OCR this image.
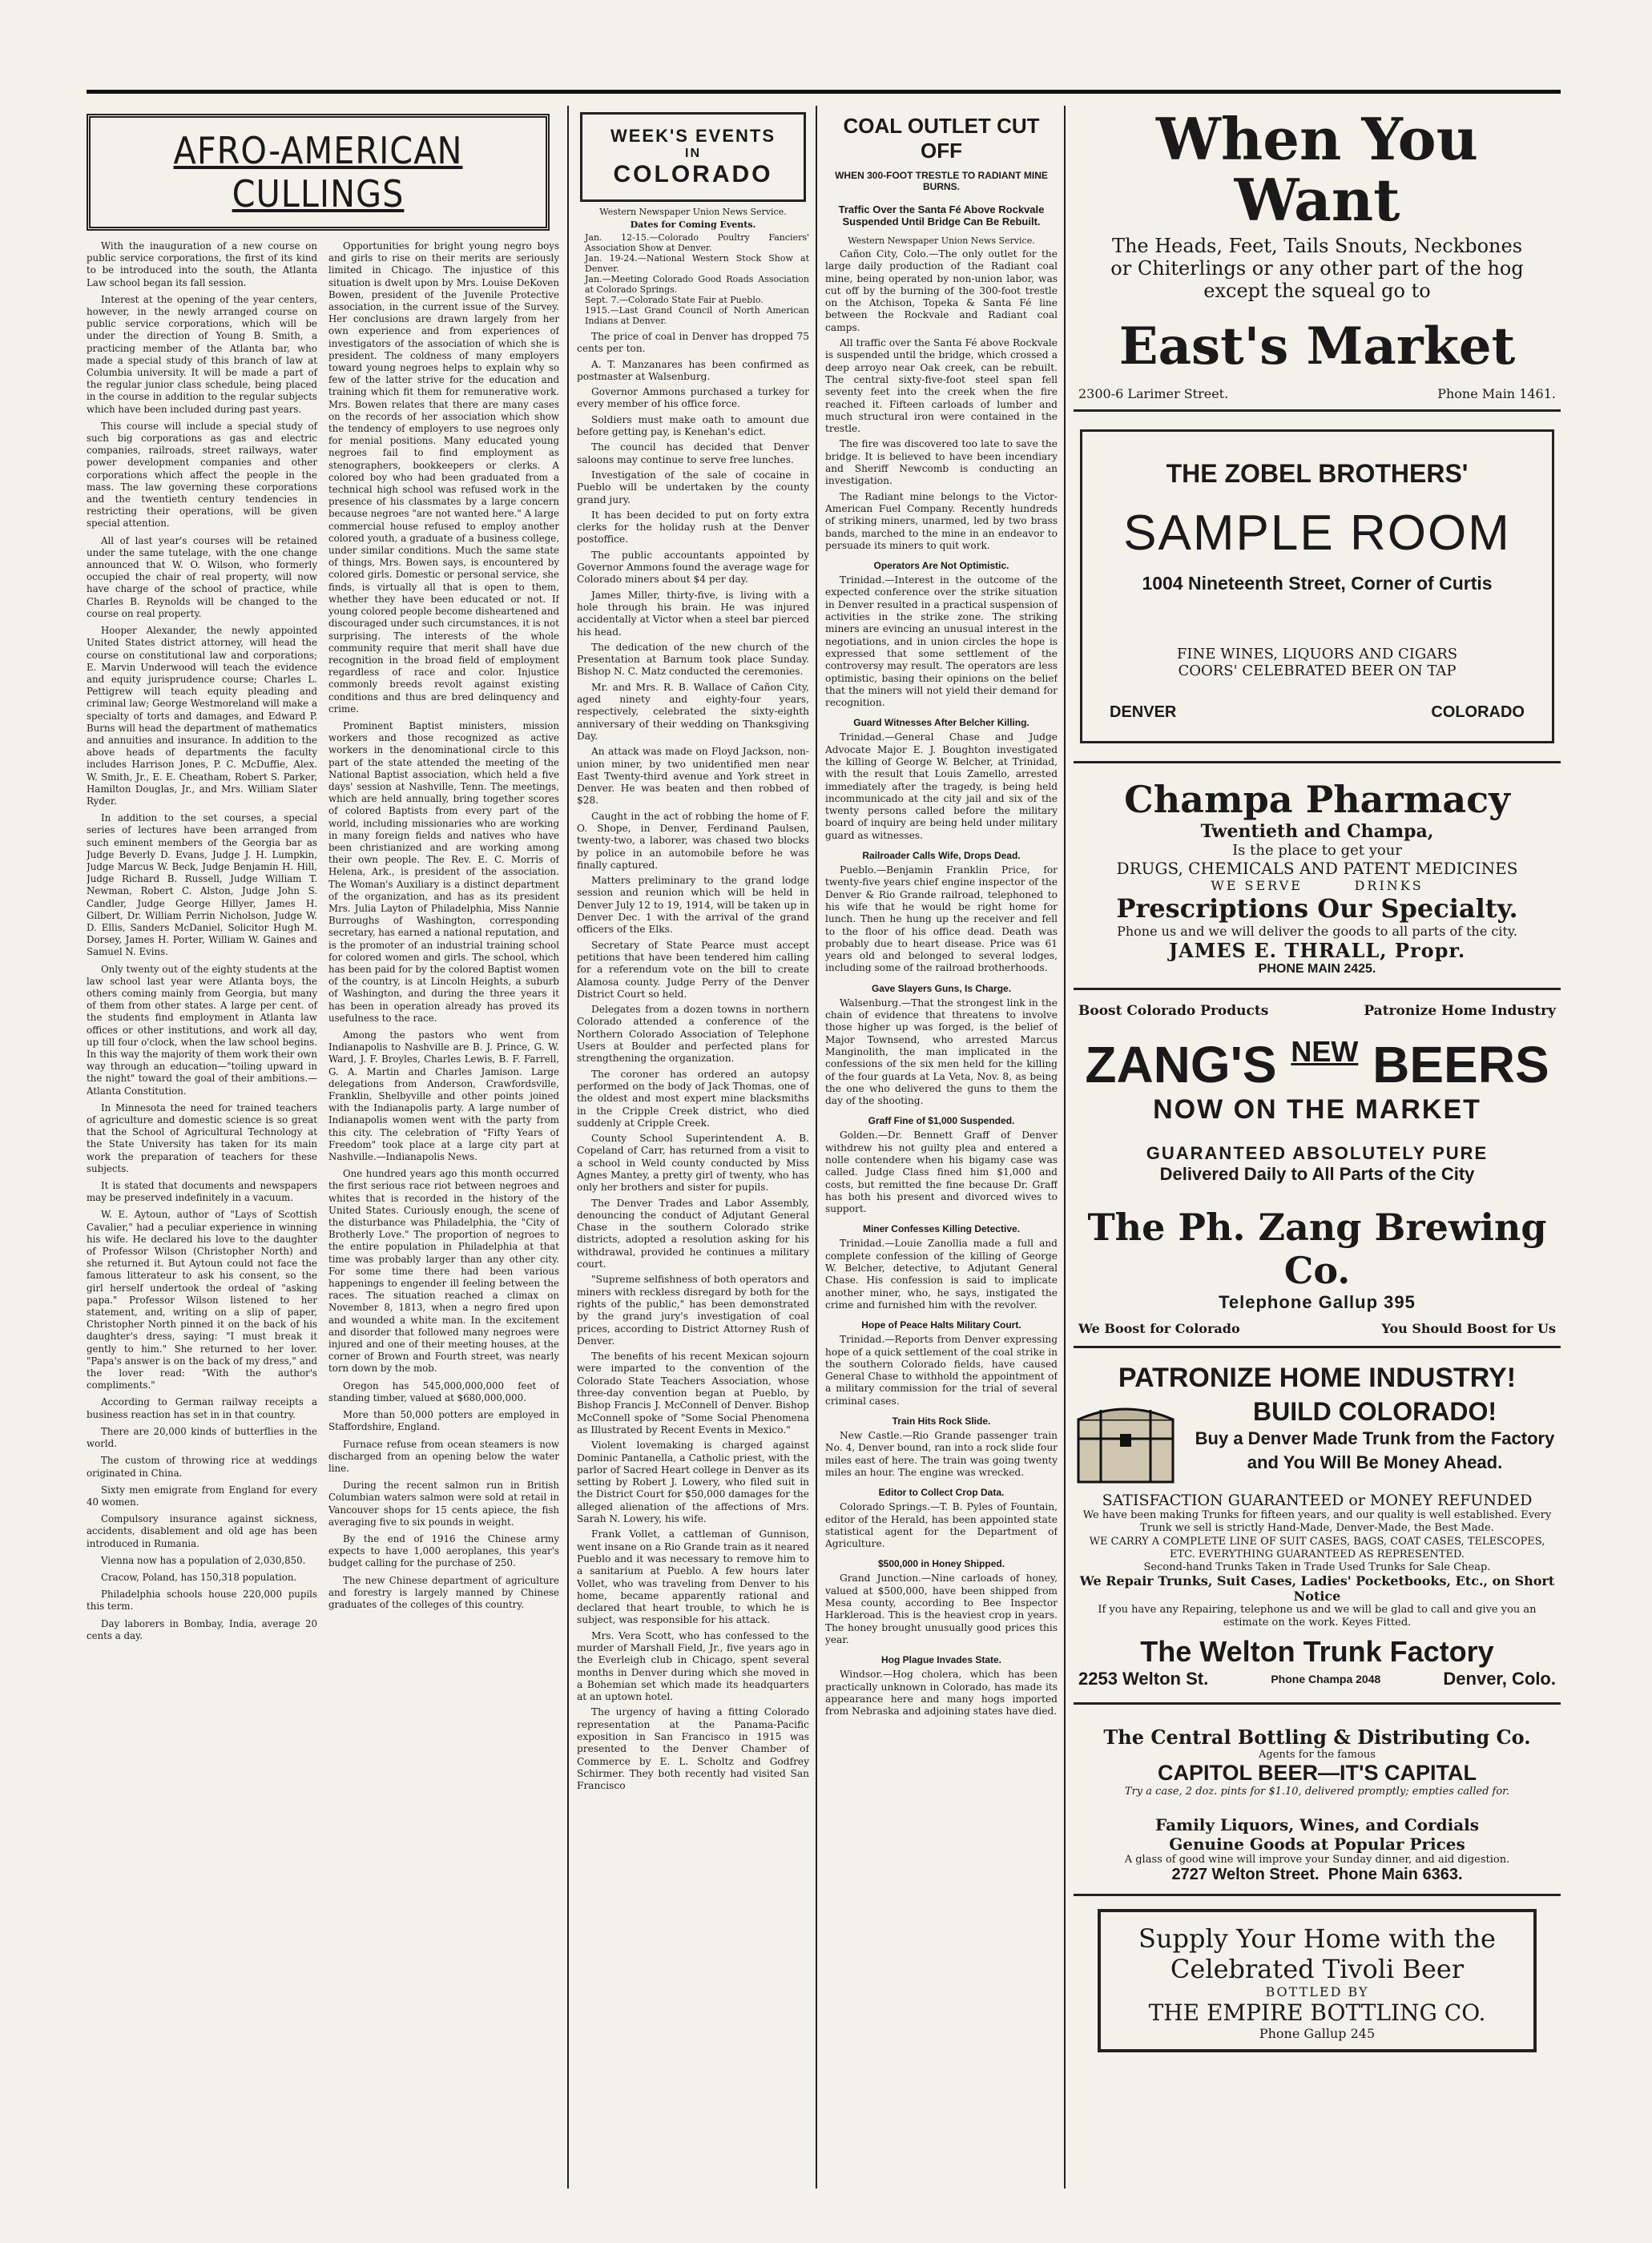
AFRO-AMERICAN CULLINGS

With the inauguration of a new course on public service corporations, the first of its kind to be introduced into the south, the Atlanta Law school began its fall session.

Interest at the opening of the year centers, however, in the newly arranged course on public service corporations, which will be under the direction of Young B. Smith, a practicing member of the Atlanta bar, who made a special study of this branch of law at Columbia university. It will be made a part of the regular junior class schedule, being placed in the course in addition to the regular subjects which have been included during past years.

This course will include a special study of such big corporations as gas and electric companies, railroads, street railways, water power development companies and other corporations which affect the people in the mass. The law governing these corporations and the twentieth century tendencies in restricting their operations, will be given special attention.

All of last year's courses will be retained under the same tutelage, with the one change announced that W. O. Wilson, who formerly occupied the chair of real property, will now have charge of the school of practice, while Charles B. Reynolds will be changed to the course on real property.

Hooper Alexander, the newly appointed United States district attorney, will head the course on constitutional law and corporations; E. Marvin Underwood will teach the evidence and equity jurisprudence course; Charles L. Pettigrew will teach equity pleading and criminal law; George Westmoreland will make a specialty of torts and damages, and Edward P. Burns will head the department of mathematics and annuities and insurance. In addition to the above heads of departments the faculty includes Harrison Jones, P. C. McDuffie, Alex. W. Smith, Jr., E. E. Cheatham, Robert S. Parker, Hamilton Douglas, Jr., and Mrs. William Slater Ryder.

In addition to the set courses, a special series of lectures have been arranged from such eminent members of the Georgia bar as Judge Beverly D. Evans, Judge J. H. Lumpkin, Judge Marcus W. Beck, Judge Benjamin H. Hill, Judge Richard B. Russell, Judge William T. Newman, Robert C. Alston, Judge John S. Candler, Judge George Hillyer, James H. Gilbert, Dr. William Perrin Nicholson, Judge W. D. Ellis, Sanders McDaniel, Solicitor Hugh M. Dorsey, James H. Porter, William W. Gaines and Samuel N. Evins.

Only twenty out of the eighty students at the law school last year were Atlanta boys, the others coming mainly from Georgia, but many of them from other states. A large per cent. of the students find employment in Atlanta law offices or other institutions, and work all day, up till four o'clock, when the law school begins. In this way the majority of them work their own way through an education—"toiling upward in the night" toward the goal of their ambitions.—Atlanta Constitution.

In Minnesota the need for trained teachers of agriculture and domestic science is so great that the School of Agricultural Technology at the State University has taken for its main work the preparation of teachers for these subjects.

It is stated that documents and newspapers may be preserved indefinitely in a vacuum.

W. E. Aytoun, author of "Lays of Scottish Cavalier," had a peculiar experience in winning his wife. He declared his love to the daughter of Professor Wilson (Christopher North) and she returned it. But Aytoun could not face the famous litterateur to ask his consent, so the girl herself undertook the ordeal of "asking papa." Professor Wilson listened to her statement, and, writing on a slip of paper, Christopher North pinned it on the back of his daughter's dress, saying: "I must break it gently to him." She returned to her lover. "Papa's answer is on the back of my dress," and the lover read: "With the author's compliments."

According to German railway receipts a business reaction has set in in that country.

There are 20,000 kinds of butterflies in the world.

The custom of throwing rice at weddings originated in China.

Sixty men emigrate from England for every 40 women.

Compulsory insurance against sickness, accidents, disablement and old age has been introduced in Rumania.

Vienna now has a population of 2,030,850.

Cracow, Poland, has 150,318 population.

Philadelphia schools house 220,000 pupils this term.

Day laborers in Bombay, India, average 20 cents a day.

Opportunities for bright young negro boys and girls to rise on their merits are seriously limited in Chicago. The injustice of this situation is dwelt upon by Mrs. Louise DeKoven Bowen, president of the Juvenile Protective association, in the current issue of the Survey. Her conclusions are drawn largely from her own experience and from experiences of investigators of the association of which she is president. The coldness of many employers toward young negroes helps to explain why so few of the latter strive for the education and training which fit them for remunerative work. Mrs. Bowen relates that there are many cases on the records of her association which show the tendency of employers to use negroes only for menial positions. Many educated young negroes fail to find employment as stenographers, bookkeepers or clerks. A colored boy who had been graduated from a technical high school was refused work in the presence of his classmates by a large concern because negroes "are not wanted here." A large commercial house refused to employ another colored youth, a graduate of a business college, under similar conditions. Much the same state of things, Mrs. Bowen says, is encountered by colored girls. Domestic or personal service, she finds, is virtually all that is open to them, whether they have been educated or not. If young colored people become disheartened and discouraged under such circumstances, it is not surprising. The interests of the whole community require that merit shall have due recognition in the broad field of employment regardless of race and color. Injustice commonly breeds revolt against existing conditions and thus are bred delinquency and crime.

Prominent Baptist ministers, mission workers and those recognized as active workers in the denominational circle to this part of the state attended the meeting of the National Baptist association, which held a five days' session at Nashville, Tenn. The meetings, which are held annually, bring together scores of colored Baptists from every part of the world, including missionaries who are working in many foreign fields and natives who have been christianized and are working among their own people. The Rev. E. C. Morris of Helena, Ark., is president of the association. The Woman's Auxiliary is a distinct department of the organization, and has as its president Mrs. Julia Layton of Philadelphia, Miss Nannie Burroughs of Washington, corresponding secretary, has earned a national reputation, and is the promoter of an industrial training school for colored women and girls. The school, which has been paid for by the colored Baptist women of the country, is at Lincoln Heights, a suburb of Washington, and during the three years it has been in operation already has proved its usefulness to the race.

Among the pastors who went from Indianapolis to Nashville are B. J. Prince, G. W. Ward, J. F. Broyles, Charles Lewis, B. F. Farrell, G. A. Martin and Charles Jamison. Large delegations from Anderson, Crawfordsville, Franklin, Shelbyville and other points joined with the Indianapolis party. A large number of Indianapolis women went with the party from this city. The celebration of "Fifty Years of Freedom" took place at a large city part at Nashville.—Indianapolis News.

One hundred years ago this month occurred the first serious race riot between negroes and whites that is recorded in the history of the United States. Curiously enough, the scene of the disturbance was Philadelphia, the "City of Brotherly Love." The proportion of negroes to the entire population in Philadelphia at that time was probably larger than any other city. For some time there had been various happenings to engender ill feeling between the races. The situation reached a climax on November 8, 1813, when a negro fired upon and wounded a white man. In the excitement and disorder that followed many negroes were injured and one of their meeting houses, at the corner of Brown and Fourth street, was nearly torn down by the mob.

Oregon has 545,000,000,000 feet of standing timber, valued at $680,000,000.

More than 50,000 potters are employed in Staffordshire, England.

Furnace refuse from ocean steamers is now discharged from an opening below the water line.

During the recent salmon run in British Columbian waters salmon were sold at retail in Vancouver shops for 15 cents apiece, the fish averaging five to six pounds in weight.

By the end of 1916 the Chinese army expects to have 1,000 aeroplanes, this year's budget calling for the purchase of 250.

The new Chinese department of agriculture and forestry is largely manned by Chinese graduates of the colleges of this country.

WEEK'S EVENTS
IN
COLORADO
Western Newspaper Union News Service.
Dates for Coming Events.

Jan. 12-15.—Colorado Poultry Fanciers' Association Show at Denver.

Jan. 19-24.—National Western Stock Show at Denver.

Jan.—Meeting Colorado Good Roads Association at Colorado Springs.

Sept. 7.—Colorado State Fair at Pueblo.

1915.—Last Grand Council of North American Indians at Denver.

The price of coal in Denver has dropped 75 cents per ton.

A. T. Manzanares has been confirmed as postmaster at Walsenburg.

Governor Ammons purchased a turkey for every member of his office force.

Soldiers must make oath to amount due before getting pay, is Kenehan's edict.

The council has decided that Denver saloons may continue to serve free lunches.

Investigation of the sale of cocaine in Pueblo will be undertaken by the county grand jury.

It has been decided to put on forty extra clerks for the holiday rush at the Denver postoffice.

The public accountants appointed by Governor Ammons found the average wage for Colorado miners about $4 per day.

James Miller, thirty-five, is living with a hole through his brain. He was injured accidentally at Victor when a steel bar pierced his head.

The dedication of the new church of the Presentation at Barnum took place Sunday. Bishop N. C. Matz conducted the ceremonies.

Mr. and Mrs. R. B. Wallace of Cañon City, aged ninety and eighty-four years, respectively, celebrated the sixty-eighth anniversary of their wedding on Thanksgiving Day.

An attack was made on Floyd Jackson, non-union miner, by two unidentified men near East Twenty-third avenue and York street in Denver. He was beaten and then robbed of $28.

Caught in the act of robbing the home of F. O. Shope, in Denver, Ferdinand Paulsen, twenty-two, a laborer, was chased two blocks by police in an automobile before he was finally captured.

Matters preliminary to the grand lodge session and reunion which will be held in Denver July 12 to 19, 1914, will be taken up in Denver Dec. 1 with the arrival of the grand officers of the Elks.

Secretary of State Pearce must accept petitions that have been tendered him calling for a referendum vote on the bill to create Alamosa county. Judge Perry of the Denver District Court so held.

Delegates from a dozen towns in northern Colorado attended a conference of the Northern Colorado Association of Telephone Users at Boulder and perfected plans for strengthening the organization.

The coroner has ordered an autopsy performed on the body of Jack Thomas, one of the oldest and most expert mine blacksmiths in the Cripple Creek district, who died suddenly at Cripple Creek.

County School Superintendent A. B. Copeland of Carr, has returned from a visit to a school in Weld county conducted by Miss Agnes Mantey, a pretty girl of twenty, who has only her brothers and sister for pupils.

The Denver Trades and Labor Assembly, denouncing the conduct of Adjutant General Chase in the southern Colorado strike districts, adopted a resolution asking for his withdrawal, provided he continues a military court.

"Supreme selfishness of both operators and miners with reckless disregard by both for the rights of the public," has been demonstrated by the grand jury's investigation of coal prices, according to District Attorney Rush of Denver.

The benefits of his recent Mexican sojourn were imparted to the convention of the Colorado State Teachers Association, whose three-day convention began at Pueblo, by Bishop Francis J. McConnell of Denver. Bishop McConnell spoke of "Some Social Phenomena as Illustrated by Recent Events in Mexico."

Violent lovemaking is charged against Dominic Pantanella, a Catholic priest, with the parlor of Sacred Heart college in Denver as its setting by Robert J. Lowery, who filed suit in the District Court for $50,000 damages for the alleged alienation of the affections of Mrs. Sarah N. Lowery, his wife.

Frank Vollet, a cattleman of Gunnison, went insane on a Rio Grande train as it neared Pueblo and it was necessary to remove him to a sanitarium at Pueblo. A few hours later Vollet, who was traveling from Denver to his home, became apparently rational and declared that heart trouble, to which he is subject, was responsible for his attack.

Mrs. Vera Scott, who has confessed to the murder of Marshall Field, Jr., five years ago in the Everleigh club in Chicago, spent several months in Denver during which she moved in a Bohemian set which made its headquarters at an uptown hotel.

The urgency of having a fitting Colorado representation at the Panama-Pacific exposition in San Francisco in 1915 was presented to the Denver Chamber of Commerce by E. L. Scholtz and Godfrey Schirmer. They both recently had visited San Francisco

COAL OUTLET CUT OFF
WHEN 300-FOOT TRESTLE TO RADIANT MINE BURNS.
Traffic Over the Santa Fé Above Rockvale Suspended Until Bridge Can Be Rebuilt.
Western Newspaper Union News Service.

Cañon City, Colo.—The only outlet for the large daily production of the Radiant coal mine, being operated by non-union labor, was cut off by the burning of the 300-foot trestle on the Atchison, Topeka & Santa Fé line between the Rockvale and Radiant coal camps.

All traffic over the Santa Fé above Rockvale is suspended until the bridge, which crossed a deep arroyo near Oak creek, can be rebuilt. The central sixty-five-foot steel span fell seventy feet into the creek when the fire reached it. Fifteen carloads of lumber and much structural iron were contained in the trestle.

The fire was discovered too late to save the bridge. It is believed to have been incendiary and Sheriff Newcomb is conducting an investigation.

The Radiant mine belongs to the Victor-American Fuel Company. Recently hundreds of striking miners, unarmed, led by two brass bands, marched to the mine in an endeavor to persuade its miners to quit work.

Operators Are Not Optimistic.

Trinidad.—Interest in the outcome of the expected conference over the strike situation in Denver resulted in a practical suspension of activities in the strike zone. The striking miners are evincing an unusual interest in the negotiations, and in union circles the hope is expressed that some settlement of the controversy may result. The operators are less optimistic, basing their opinions on the belief that the miners will not yield their demand for recognition.

Guard Witnesses After Belcher Killing.

Trinidad.—General Chase and Judge Advocate Major E. J. Boughton investigated the killing of George W. Belcher, at Trinidad, with the result that Louis Zamello, arrested immediately after the tragedy, is being held incommunicado at the city jail and six of the twenty persons called before the military board of inquiry are being held under military guard as witnesses.

Railroader Calls Wife, Drops Dead.

Pueblo.—Benjamin Franklin Price, for twenty-five years chief engine inspector of the Denver & Rio Grande railroad, telephoned to his wife that he would be right home for lunch. Then he hung up the receiver and fell to the floor of his office dead. Death was probably due to heart disease. Price was 61 years old and belonged to several lodges, including some of the railroad brotherhoods.

Gave Slayers Guns, Is Charge.

Walsenburg.—That the strongest link in the chain of evidence that threatens to involve those higher up was forged, is the belief of Major Townsend, who arrested Marcus Manginolith, the man implicated in the confessions of the six men held for the killing of the four guards at La Veta, Nov. 8, as being the one who delivered the guns to them the day of the shooting.

Graff Fine of $1,000 Suspended.

Golden.—Dr. Bennett Graff of Denver withdrew his not guilty plea and entered a nolle contendere when his bigamy case was called. Judge Class fined him $1,000 and costs, but remitted the fine because Dr. Graff has both his present and divorced wives to support.

Miner Confesses Killing Detective.

Trinidad.—Louie Zanollia made a full and complete confession of the killing of George W. Belcher, detective, to Adjutant General Chase. His confession is said to implicate another miner, who, he says, instigated the crime and furnished him with the revolver.

Hope of Peace Halts Military Court.

Trinidad.—Reports from Denver expressing hope of a quick settlement of the coal strike in the southern Colorado fields, have caused General Chase to withhold the appointment of a military commission for the trial of several criminal cases.

Train Hits Rock Slide.

New Castle.—Rio Grande passenger train No. 4, Denver bound, ran into a rock slide four miles east of here. The train was going twenty miles an hour. The engine was wrecked.

Editor to Collect Crop Data.

Colorado Springs.—T. B. Pyles of Fountain, editor of the Herald, has been appointed state statistical agent for the Department of Agriculture.

$500,000 in Honey Shipped.

Grand Junction.—Nine carloads of honey, valued at $500,000, have been shipped from Mesa county, according to Bee Inspector Harkleroad. This is the heaviest crop in years. The honey brought unusually good prices this year.

Hog Plague Invades State.

Windsor.—Hog cholera, which has been practically unknown in Colorado, has made its appearance here and many hogs imported from Nebraska and adjoining states have died.

When You Want
The Heads, Feet, Tails Snouts, Neckbones
or Chiterlings or any other part of the hog
except the squeal go to
East's Market
2300-6 Larimer Street.	Phone Main 1461.
THE ZOBEL BROTHERS'
SAMPLE ROOM
1004 Nineteenth Street, Corner of Curtis
FINE WINES, LIQUORS AND CIGARS
COORS' CELEBRATED BEER ON TAP
DENVER	COLORADO
Champa Pharmacy
Twentieth and Champa,
Is the place to get your
DRUGS, CHEMICALS AND PATENT MEDICINES
WE SERVE        DRINKS
Prescriptions Our Specialty.
Phone us and we will deliver the goods to all parts of the city.
JAMES E. THRALL, Propr.
PHONE MAIN 2425.
Boost Colorado Products	Patronize Home Industry
ZANG'S $^{NEW}$ BEERS
NOW ON THE MARKET
GUARANTEED ABSOLUTELY PURE
Delivered Daily to All Parts of the City
The Ph. Zang Brewing Co.
Telephone Gallup 395
We Boost for Colorado	You Should Boost for Us
PATRONIZE HOME INDUSTRY!
BUILD COLORADO!
Buy a Denver Made Trunk from the Factory and You Will Be Money Ahead.
SATISFACTION GUARANTEED or MONEY REFUNDED
We have been making Trunks for fifteen years, and our quality is well established. Every Trunk we sell is strictly Hand-Made, Denver-Made, the Best Made.
WE CARRY A COMPLETE LINE OF SUIT CASES, BAGS, COAT CASES, TELESCOPES, ETC. EVERYTHING GUARANTEED AS REPRESENTED.
Second-hand Trunks Taken in Trade Used Trunks for Sale Cheap.
We Repair Trunks, Suit Cases, Ladies' Pocketbooks, Etc., on Short Notice
If you have any Repairing, telephone us and we will be glad to call and give you an estimate on the work. Keyes Fitted.
The Welton Trunk Factory
2253 Welton St.	Phone Champa 2048	Denver, Colo.
The Central Bottling & Distributing Co.
Agents for the famous
CAPITOL BEER—IT'S CAPITAL
Try a case, 2 doz. pints for $1.10, delivered promptly; empties called for.
Family Liquors, Wines, and Cordials
Genuine Goods at Popular Prices
A glass of good wine will improve your Sunday dinner, and aid digestion.
2727 Welton Street.  Phone Main 6363.
Supply Your Home with the
Celebrated Tivoli Beer
BOTTLED BY
THE EMPIRE BOTTLING CO.
Phone Gallup 245
